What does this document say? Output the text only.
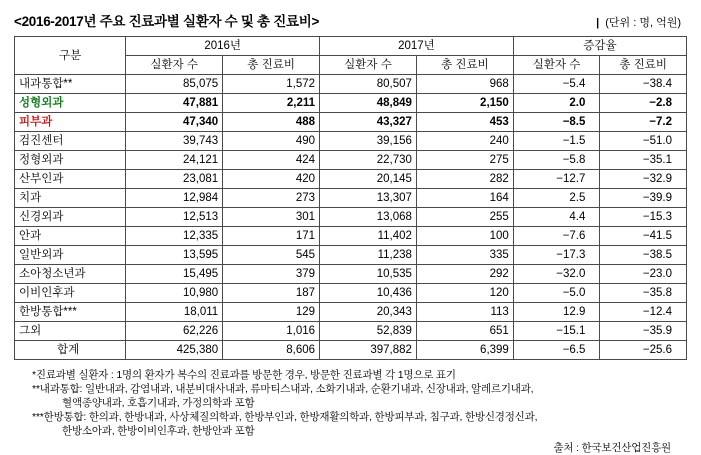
<2016-2017년 주요 진료과별 실환자 수 및 총 진료비>	| (단위 : 명, 억원)
구분	2016년		2017년		증감율	
	실환자 수	총 진료비	실환자 수	총 진료비	실환자 수	총 진료비
내과통합**	85,075	1,572	80,507	968	−5.4	−38.4
성형외과	47,881	2,211	48,849	2,150	2.0	−2.8
피부과	47,340	488	43,327	453	−8.5	−7.2
검진센터	39,743	490	39,156	240	−1.5	−51.0
정형외과	24,121	424	22,730	275	−5.8	−35.1
산부인과	23,081	420	20,145	282	−12.7	−32.9
치과	12,984	273	13,307	164	2.5	−39.9
신경외과	12,513	301	13,068	255	4.4	−15.3
안과	12,335	171	11,402	100	−7.6	−41.5
일반외과	13,595	545	11,238	335	−17.3	−38.5
소아청소년과	15,495	379	10,535	292	−32.0	−23.0
이비인후과	10,980	187	10,436	120	−5.0	−35.8
한방통합***	18,011	129	20,343	113	12.9	−12.4
그외	62,226	1,016	52,839	651	−15.1	−35.9
합계	425,380	8,606	397,882	6,399	−6.5	−25.6

*진료과별 실환자 : 1명의 환자가 복수의 진료과를 방문한 경우, 방문한 진료과별 각 1명으로 표기

**내과통합: 일반내과, 감염내과, 내분비대사내과, 류마티스내과, 소화기내과, 순환기내과, 신장내과, 알레르기내과,

혈액종양내과, 호흡기내과, 가정의학과 포함

***한방통합: 한의과, 한방내과, 사상체질의학과, 한방부인과, 한방재활의학과, 한방피부과, 침구과, 한방신경정신과,

한방소아과, 한방이비인후과, 한방안과 포함

출처 : 한국보건산업진흥원
